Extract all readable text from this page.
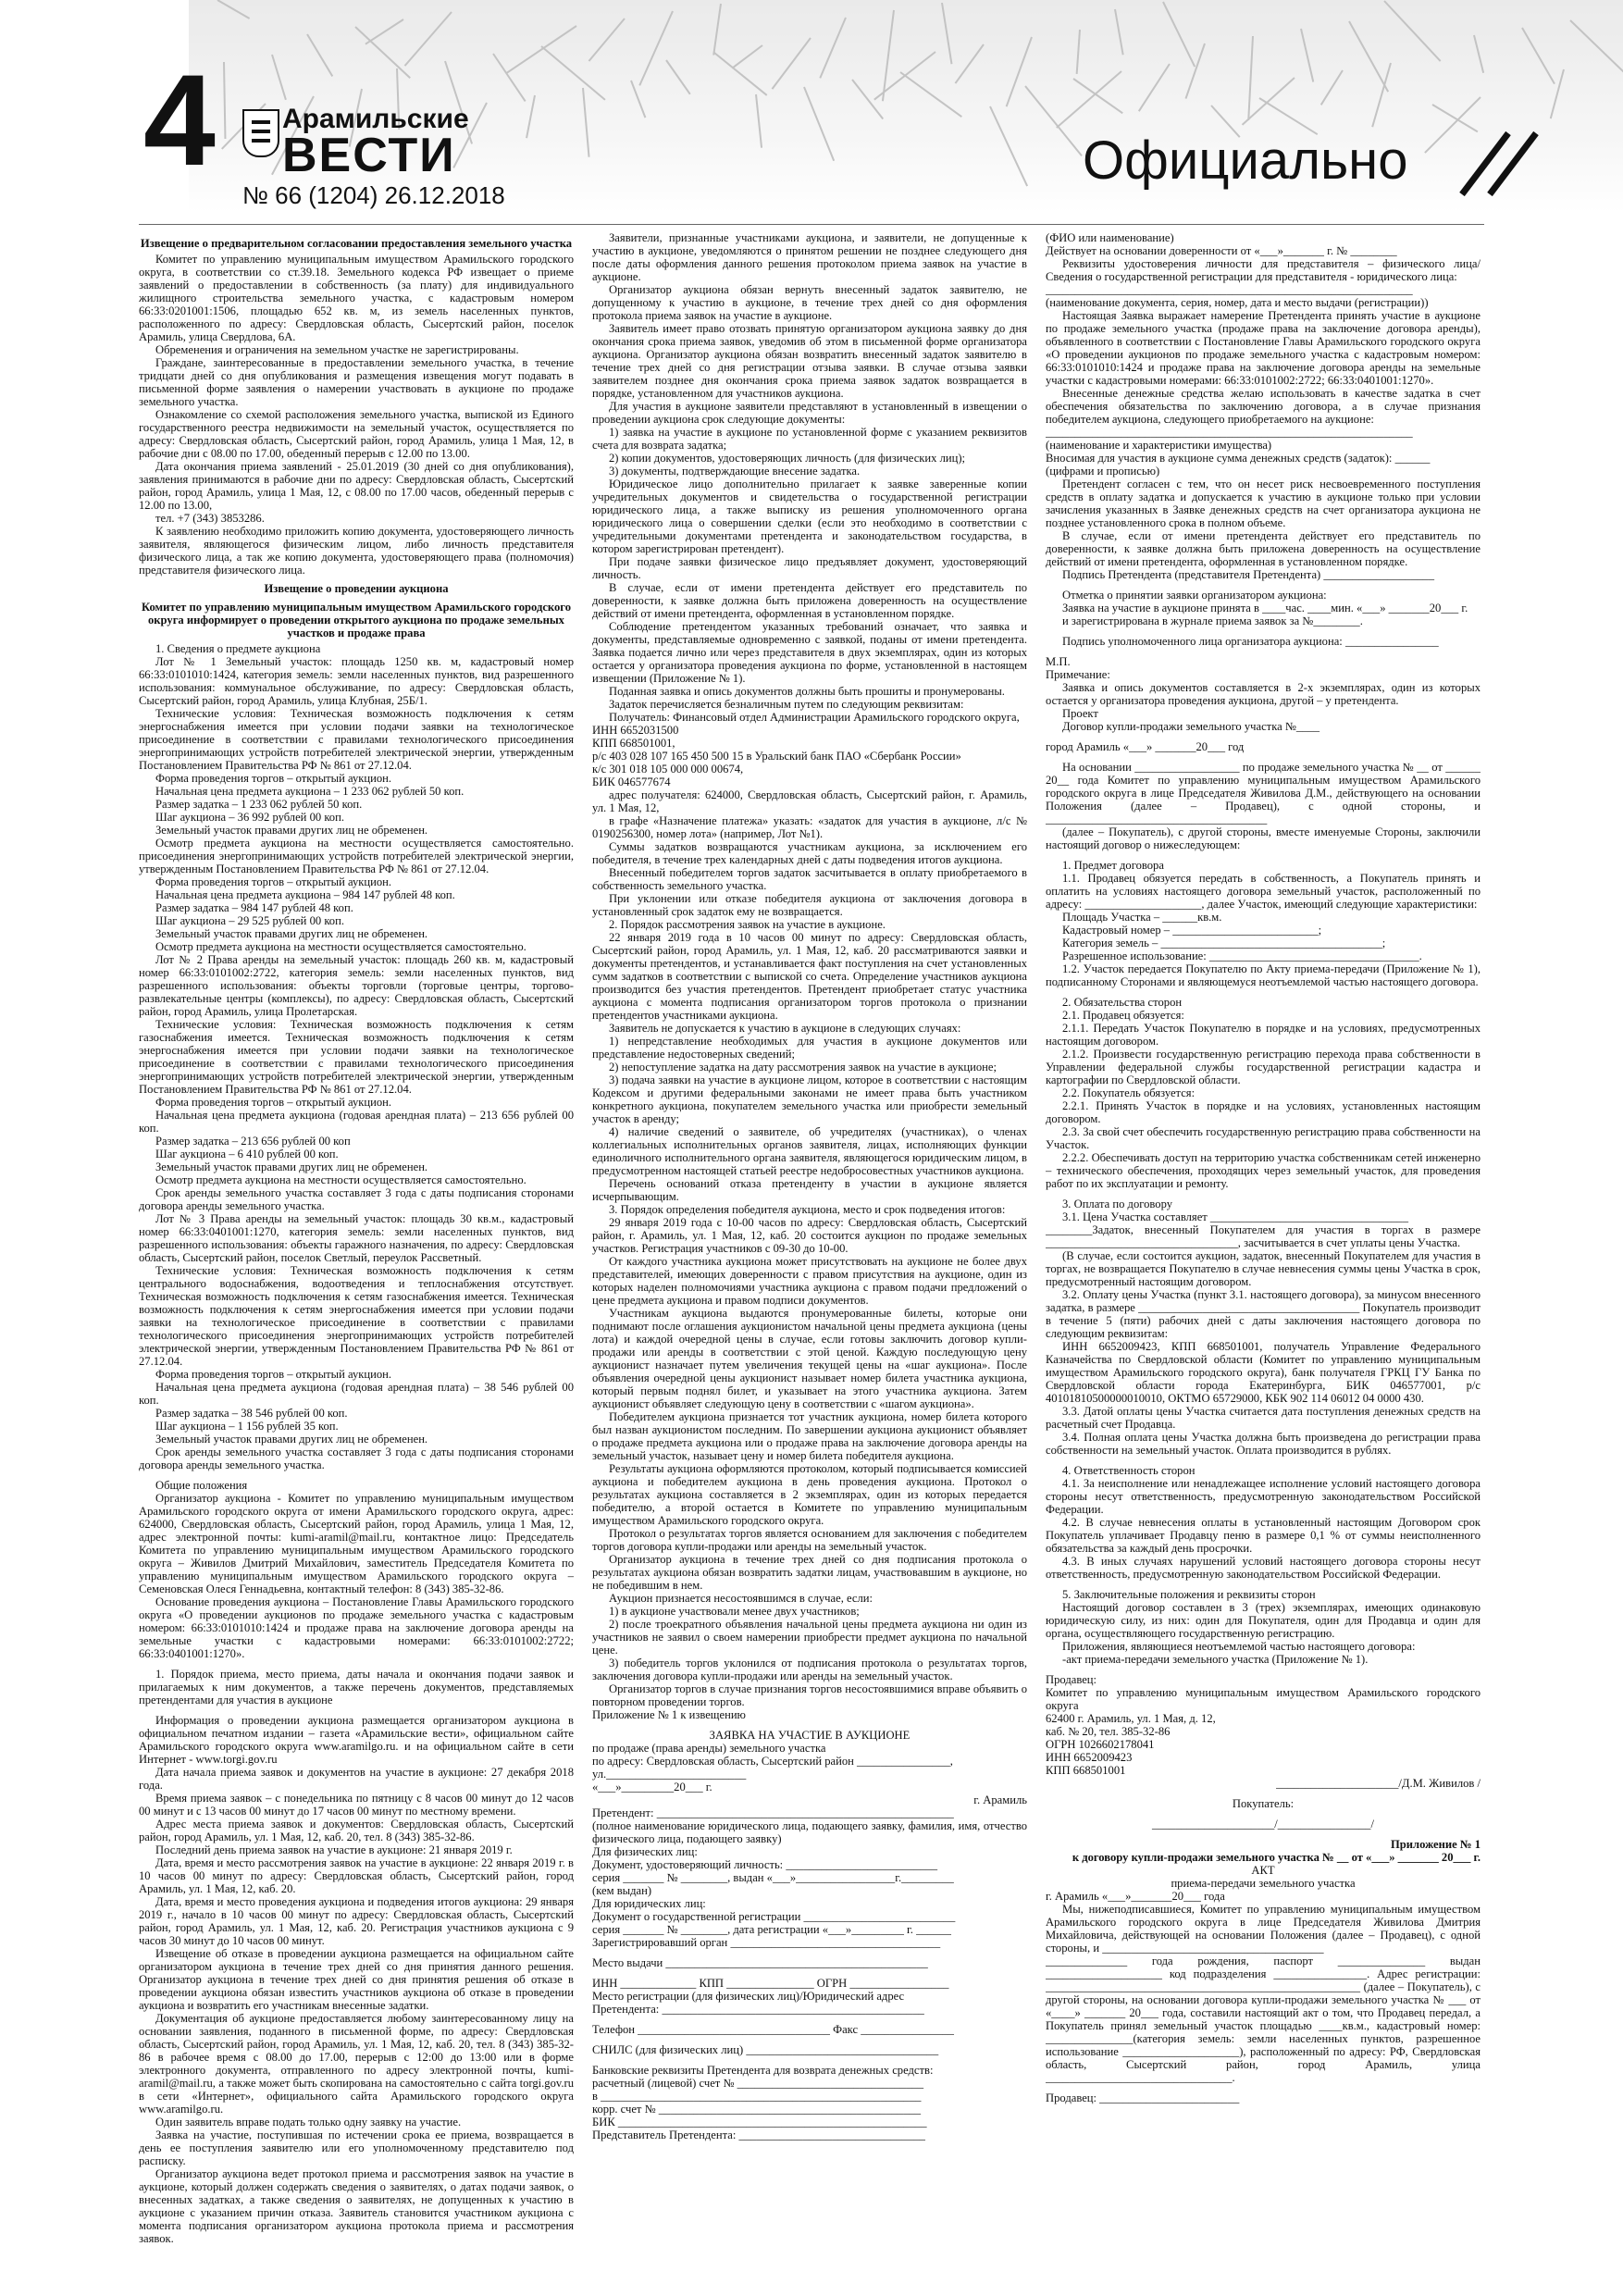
4 Арамильские
ВЕСТИ
№ 66 (1204) 26.12.2018
Официально
Извещение о предварительном согласовании предоставления земельного участка

Комитет по управлению муниципальным имуществом Арамильского городского округа, в соответствии со ст.39.18. Земельного кодекса РФ извещает о приеме заявлений о предоставлении в собственность (за плату) для индивидуального жилищного строительства земельного участка, с кадастровым номером 66:33:0201001:1506, площадью 652 кв. м, из земель населенных пунктов, расположенного по адресу: Свердловская область, Сысертский район, поселок Арамиль, улица Свердлова, 6А.

Обременения и ограничения на земельном участке не зарегистрированы.

Граждане, заинтересованные в предоставлении земельного участка, в течение тридцати дней со дня опубликования и размещения извещения могут подавать в письменной форме заявления о намерении участвовать в аукционе по продаже земельного участка.

Ознакомление со схемой расположения земельного участка, выпиской из Единого государственного реестра недвижимости на земельный участок, осуществляется по адресу: Свердловская область, Сысертский район, город Арамиль, улица 1 Мая, 12, в рабочие дни с 08.00 по 17.00, обеденный перерыв с 12.00 по 13.00.

Дата окончания приема заявлений - 25.01.2019 (30 дней со дня опубликования), заявления принимаются в рабочие дни по адресу: Свердловская область, Сысертский район, город Арамиль, улица 1 Мая, 12, с 08.00 по 17.00 часов, обеденный перерыв с 12.00 по 13.00,

тел. +7 (343) 3853286.

К заявлению необходимо приложить копию документа, удостоверяющего личность заявителя, являющегося физическим лицом, либо личность представителя физического лица, а так же копию документа, удостоверяющего права (полномочия) представителя физического лица.

Извещение о проведении аукциона
Комитет по управлению муниципальным имуществом Арамильского городского округа информирует о проведении открытого аукциона по продаже земельных участков и продаже права

1. Сведения о предмете аукциона

Лот № 1 Земельный участок: площадь 1250 кв. м, кадастровый номер 66:33:0101010:1424, категория земель: земли населенных пунктов, вид разрешенного использования: коммунальное обслуживание, по адресу: Свердловская область, Сысертский район, город Арамиль, улица Клубная, 25Б/1.

Технические условия: Техническая возможность подключения к сетям энергоснабжения имеется при условии подачи заявки на технологическое присоединение в соответствии с правилами технологического присоединения энергопринимающих устройств потребителей электрической энергии, утвержденным Постановлением Правительства РФ № 861 от 27.12.04.

Форма проведения торгов – открытый аукцион.

Начальная цена предмета аукциона – 1 233 062 рублей 50 коп.

Размер задатка – 1 233 062 рублей 50 коп.

Шаг аукциона – 36 992 рублей 00 коп.

Земельный участок правами других лиц не обременен.

Осмотр предмета аукциона на местности осуществляется самостоятельно. присоединения энергопринимающих устройств потребителей электрической энергии, утвержденным Постановлением Правительства РФ № 861 от 27.12.04.

Форма проведения торгов – открытый аукцион.

Начальная цена предмета аукциона – 984 147 рублей 48 коп.

Размер задатка – 984 147 рублей 48 коп.

Шаг аукциона – 29 525 рублей 00 коп.

Земельный участок правами других лиц не обременен.

Осмотр предмета аукциона на местности осуществляется самостоятельно.

Лот № 2 Права аренды на земельный участок: площадь 260 кв. м, кадастровый номер 66:33:0101002:2722, категория земель: земли населенных пунктов, вид разрешенного использования: объекты торговли (торговые центры, торгово-развлекательные центры (комплексы), по адресу: Свердловская область, Сысертский район, город Арамиль, улица Пролетарская.

Технические условия: Техническая возможность подключения к сетям газоснабжения имеется. Техническая возможность подключения к сетям энергоснабжения имеется при условии подачи заявки на технологическое присоединение в соответствии с правилами технологического присоединения энергопринимающих устройств потребителей электрической энергии, утвержденным Постановлением Правительства РФ № 861 от 27.12.04.

Форма проведения торгов – открытый аукцион.

Начальная цена предмета аукциона (годовая арендная плата) – 213 656 рублей 00 коп.

Размер задатка – 213 656 рублей 00 коп

Шаг аукциона – 6 410 рублей 00 коп.

Земельный участок правами других лиц не обременен.

Осмотр предмета аукциона на местности осуществляется самостоятельно.

Срок аренды земельного участка составляет 3 года с даты подписания сторонами договора аренды земельного участка.

Лот № 3 Права аренды на земельный участок: площадь 30 кв.м., кадастровый номер 66:33:0401001:1270, категория земель: земли населенных пунктов, вид разрешенного использования: объекты гаражного назначения, по адресу: Свердловская область, Сысертский район, поселок Светлый, переулок Рассветный.

Технические условия: Техническая возможность подключения к сетям центрального водоснабжения, водоотведения и теплоснабжения отсутствует. Техническая возможность подключения к сетям газоснабжения имеется. Техническая возможность подключения к сетям энергоснабжения имеется при условии подачи заявки на технологическое присоединение в соответствии с правилами технологического присоединения энергопринимающих устройств потребителей электрической энергии, утвержденным Постановлением Правительства РФ № 861 от 27.12.04.

Форма проведения торгов – открытый аукцион.

Начальная цена предмета аукциона (годовая арендная плата) – 38 546 рублей 00 коп.

Размер задатка – 38 546 рублей 00 коп.

Шаг аукциона – 1 156 рублей 35 коп.

Земельный участок правами других лиц не обременен.

Срок аренды земельного участка составляет 3 года с даты подписания сторонами договора аренды земельного участка.

Общие положения

Организатор аукциона - Комитет по управлению муниципальным имуществом Арамильского городского округа от имени Арамильского городского округа, адрес: 624000, Свердловская область, Сысертский район, город Арамиль, улица 1 Мая, 12, адрес электронной почты: kumi-aramil@mail.ru, контактное лицо: Председатель Комитета по управлению муниципальным имуществом Арамильского городского округа – Живилов Дмитрий Михайлович, заместитель Председателя Комитета по управлению муниципальным имуществом Арамильского городского округа – Семеновская Олеся Геннадьевна, контактный телефон: 8 (343) 385-32-86.

Основание проведения аукциона – Постановление Главы Арамильского городского округа «О проведении аукционов по продаже земельного участка с кадастровым номером: 66:33:0101010:1424 и продаже права на заключение договора аренды на земельные участки с кадастровыми номерами: 66:33:0101002:2722; 66:33:0401001:1270».

1. Порядок приема, место приема, даты начала и окончания подачи заявок и прилагаемых к ним документов, а также перечень документов, представляемых претендентами для участия в аукционе

Информация о проведении аукциона размещается организатором аукциона в официальном печатном издании – газета «Арамильские вести», официальном сайте Арамильского городского округа www.aramilgo.ru. и на официальном сайте в сети Интернет - www.torgi.gov.ru

Дата начала приема заявок и документов на участие в аукционе: 27 декабря 2018 года.

Время приема заявок – с понедельника по пятницу с 8 часов 00 минут до 12 часов 00 минут и с 13 часов 00 минут до 17 часов 00 минут по местному времени.

Адрес места приема заявок и документов: Свердловская область, Сысертский район, город Арамиль, ул. 1 Мая, 12, каб. 20, тел. 8 (343) 385-32-86.

Последний день приема заявок на участие в аукционе: 21 января 2019 г.

Дата, время и место рассмотрения заявок на участие в аукционе: 22 января 2019 г. в 10 часов 00 минут по адресу: Свердловская область, Сысертский район, город Арамиль, ул. 1 Мая, 12, каб. 20.

Дата, время и место проведения аукциона и подведения итогов аукциона: 29 января 2019 г., начало в 10 часов 00 минут по адресу: Свердловская область, Сысертский район, город Арамиль, ул. 1 Мая, 12, каб. 20. Регистрация участников аукциона с 9 часов 30 минут до 10 часов 00 минут.

Извещение об отказе в проведении аукциона размещается на официальном сайте организатором аукциона в течение трех дней со дня принятия данного решения. Организатор аукциона в течение трех дней со дня принятия решения об отказе в проведении аукциона обязан известить участников аукциона об отказе в проведении аукциона и возвратить его участникам внесенные задатки.

Документация об аукционе предоставляется любому заинтересованному лицу на основании заявления, поданного в письменной форме, по адресу: Свердловская область, Сысертский район, город Арамиль, ул. 1 Мая, 12, каб. 20, тел. 8 (343) 385-32-86 в рабочее время с 08.00 до 17.00, перерыв с 12:00 до 13:00 или в форме электронного документа, отправленного по адресу электронной почты, kumi-aramil@mail.ru, а также может быть скопирована на самостоятельно с сайта torgi.gov.ru в сети «Интернет», официального сайта Арамильского городского округа www.aramilgo.ru.

Один заявитель вправе подать только одну заявку на участие.

Заявка на участие, поступившая по истечении срока ее приема, возвращается в день ее поступления заявителю или его уполномоченному представителю под расписку.

Организатор аукциона ведет протокол приема и рассмотрения заявок на участие в аукционе, который должен содержать сведения о заявителях, о датах подачи заявок, о внесенных задатках, а также сведения о заявителях, не допущенных к участию в аукционе с указанием причин отказа. Заявитель становится участником аукциона с момента подписания организатором аукциона протокола приема и рассмотрения заявок.

Заявители, признанные участниками аукциона, и заявители, не допущенные к участию в аукционе, уведомляются о принятом решении не позднее следующего дня после даты оформления данного решения протоколом приема заявок на участие в аукционе.

Организатор аукциона обязан вернуть внесенный задаток заявителю, не допущенному к участию в аукционе, в течение трех дней со дня оформления протокола приема заявок на участие в аукционе.

Заявитель имеет право отозвать принятую организатором аукциона заявку до дня окончания срока приема заявок, уведомив об этом в письменной форме организатора аукциона. Организатор аукциона обязан возвратить внесенный задаток заявителю в течение трех дней со дня регистрации отзыва заявки. В случае отзыва заявки заявителем позднее дня окончания срока приема заявок задаток возвращается в порядке, установленном для участников аукциона.

Для участия в аукционе заявители представляют в установленный в извещении о проведении аукциона срок следующие документы:

1) заявка на участие в аукционе по установленной форме с указанием реквизитов счета для возврата задатка;

2) копии документов, удостоверяющих личность (для физических лиц);

3) документы, подтверждающие внесение задатка.

Юридическое лицо дополнительно прилагает к заявке заверенные копии учредительных документов и свидетельства о государственной регистрации юридического лица, а также выписку из решения уполномоченного органа юридического лица о совершении сделки (если это необходимо в соответствии с учредительными документами претендента и законодательством государства, в котором зарегистрирован претендент).

При подаче заявки физическое лицо предъявляет документ, удостоверяющий личность.

В случае, если от имени претендента действует его представитель по доверенности, к заявке должна быть приложена доверенность на осуществление действий от имени претендента, оформленная в установленном порядке.

Соблюдение претендентом указанных требований означает, что заявка и документы, представляемые одновременно с заявкой, поданы от имени претендента. Заявка подается лично или через представителя в двух экземплярах, один из которых остается у организатора проведения аукциона по форме, установленной в настоящем извещении (Приложение № 1).

Поданная заявка и опись документов должны быть прошиты и пронумерованы.

Задаток перечисляется безналичным путем по следующим реквизитам:

Получатель: Финансовый отдел Администрации Арамильского городского округа,

ИНН 6652031500

КПП 668501001,

р/с 403 028 107 165 450 500 15 в Уральский банк ПАО «Сбербанк России»

к/с 301 018 105 000 000 00674,

БИК 046577674

адрес получателя: 624000, Свердловская область, Сысертский район, г. Арамиль, ул. 1 Мая, 12,

в графе «Назначение платежа» указать: «задаток для участия в аукционе, л/с № 0190256300, номер лота» (например, Лот №1).

Суммы задатков возвращаются участникам аукциона, за исключением его победителя, в течение трех календарных дней с даты подведения итогов аукциона.

Внесенный победителем торгов задаток засчитывается в оплату приобретаемого в собственность земельного участка.

При уклонении или отказе победителя аукциона от заключения договора в установленный срок задаток ему не возвращается.

2. Порядок рассмотрения заявок на участие в аукционе.

22 января 2019 года в 10 часов 00 минут по адресу: Свердловская область, Сысертский район, город Арамиль, ул. 1 Мая, 12, каб. 20 рассматриваются заявки и документы претендентов, и устанавливается факт поступления на счет установленных сумм задатков в соответствии с выпиской со счета. Определение участников аукциона производится без участия претендентов. Претендент приобретает статус участника аукциона с момента подписания организатором торгов протокола о признании претендентов участниками аукциона.

Заявитель не допускается к участию в аукционе в следующих случаях:

1) непредставление необходимых для участия в аукционе документов или представление недостоверных сведений;

2) непоступление задатка на дату рассмотрения заявок на участие в аукционе;

3) подача заявки на участие в аукционе лицом, которое в соответствии с настоящим Кодексом и другими федеральными законами не имеет права быть участником конкретного аукциона, покупателем земельного участка или приобрести земельный участок в аренду;

4) наличие сведений о заявителе, об учредителях (участниках), о членах коллегиальных исполнительных органов заявителя, лицах, исполняющих функции единоличного исполнительного органа заявителя, являющегося юридическим лицом, в предусмотренном настоящей статьей реестре недобросовестных участников аукциона.

Перечень оснований отказа претенденту в участии в аукционе является исчерпывающим.

3. Порядок определения победителя аукциона, место и срок подведения итогов:

29 января 2019 года с 10-00 часов по адресу: Свердловская область, Сысертский район, г. Арамиль, ул. 1 Мая, 12, каб. 20 состоится аукцион по продаже земельных участков. Регистрация участников с 09-30 до 10-00.

От каждого участника аукциона может присутствовать на аукционе не более двух представителей, имеющих доверенности с правом присутствия на аукционе, один из которых наделен полномочиями участника аукциона с правом подачи предложений о цене предмета аукциона и правом подписи документов.

Участникам аукциона выдаются пронумерованные билеты, которые они поднимают после оглашения аукционистом начальной цены предмета аукциона (цены лота) и каждой очередной цены в случае, если готовы заключить договор купли-продажи или аренды в соответствии с этой ценой. Каждую последующую цену аукционист назначает путем увеличения текущей цены на «шаг аукциона». После объявления очередной цены аукционист называет номер билета участника аукциона, который первым поднял билет, и указывает на этого участника аукциона. Затем аукционист объявляет следующую цену в соответствии с «шагом аукциона».

Победителем аукциона признается тот участник аукциона, номер билета которого был назван аукционистом последним. По завершении аукциона аукционист объявляет о продаже предмета аукциона или о продаже права на заключение договора аренды на земельный участок, называет цену и номер билета победителя аукциона.

Результаты аукциона оформляются протоколом, который подписывается комиссией аукциона и победителем аукциона в день проведения аукциона. Протокол о результатах аукциона составляется в 2 экземплярах, один из которых передается победителю, а второй остается в Комитете по управлению муниципальным имуществом Арамильского городского округа.

Протокол о результатах торгов является основанием для заключения с победителем торгов договора купли-продажи или аренды на земельный участок.

Организатор аукциона в течение трех дней со дня подписания протокола о результатах аукциона обязан возвратить задатки лицам, участвовавшим в аукционе, но не победившим в нем.

Аукцион признается несостоявшимся в случае, если:

1) в аукционе участвовали менее двух участников;

2) после троекратного объявления начальной цены предмета аукциона ни один из участников не заявил о своем намерении приобрести предмет аукциона по начальной цене.

3) победитель торгов уклонился от подписания протокола о результатах торгов, заключения договора купли-продажи или аренды на земельный участок.

Организатор торгов в случае признания торгов несостоявшимися вправе объявить о повторном проведении торгов.

Приложение № 1 к извещению

ЗАЯВКА НА УЧАСТИЕ В АУКЦИОНЕ

по продаже (права аренды) земельного участка

по адресу: Свердловская область, Сысертский район ________________,

ул.________________________

«___»_________20___ г.

г. Арамиль

Претендент: ___________________________________________________

(полное наименование юридического лица, подающего заявку, фамилия, имя, отчество физического лица, подающего заявку)

Для физических лиц:

Документ, удостоверяющий личность: __________________________

серия _______ № ________, выдан «___»_________________г._________

(кем выдан)

Для юридических лиц:

Документ о государственной регистрации __________________________

серия _______ № ________, дата регистрации «___»_________ г. ______

Зарегистрировавший орган ____________________________________

Место выдачи _____________________________________________

ИНН _____________ КПП _______________ ОГРН _________________

Место регистрации (для физических лиц)/Юридический адрес

Претендента: _____________________________________________

Телефон _________________________________ Факс ________________

СНИЛС (для физических лиц) _________________________________

Банковские реквизиты Претендента для возврата денежных средств:

расчетный (лицевой) счет № ________________________________

в _______________________________________________________

корр. счет № _____________________________________________

БИК _____________________________________________________

Представитель Претендента: ________________________________

(ФИО или наименование)

Действует на основании доверенности от «___»_______ г. № ________

Реквизиты удостоверения личности для представителя – физического лица/ Сведения о государственной регистрации для представителя - юридического лица:

_______________________________________________________________

(наименование документа, серия, номер, дата и место выдачи (регистрации))

Настоящая Заявка выражает намерение Претендента принять участие в аукционе по продаже земельного участка (продаже права на заключение договора аренды), объявленного в соответствии с Постановление Главы Арамильского городского округа «О проведении аукционов по продаже земельного участка с кадастровым номером: 66:33:0101010:1424 и продаже права на заключение договора аренды на земельные участки с кадастровыми номерами: 66:33:0101002:2722; 66:33:0401001:1270».

Внесенные денежные средства желаю использовать в качестве задатка в счет обеспечения обязательства по заключению договора, а в случае признания победителем аукциона, следующего приобретаемого на аукционе:

_______________________________________________________________

(наименование и характеристики имущества)

Вносимая для участия в аукционе сумма денежных средств (задаток): ______

(цифрами и прописью)

Претендент согласен с тем, что он несет риск несвоевременного поступления средств в оплату задатка и допускается к участию в аукционе только при условии зачисления указанных в Заявке денежных средств на счет организатора аукциона не позднее установленного срока в полном объеме.

В случае, если от имени претендента действует его представитель по доверенности, к заявке должна быть приложена доверенность на осуществление действий от имени претендента, оформленная в установленном порядке.

Подпись Претендента (представителя Претендента) ___________________

Отметка о принятии заявки организатором аукциона:

Заявка на участие в аукционе принята в ____час. ____мин. «___» _______20___ г.

и зарегистрирована в журнале приема заявок за №________.

Подпись уполномоченного лица организатора аукциона: ________________

М.П.

Примечание:

Заявка и опись документов составляется в 2-х экземплярах, один из которых остается у организатора проведения аукциона, другой – у претендента.

Проект

Договор купли-продажи земельного участка №____

город Арамиль «___» _______20___ год

На основании __________________ по продаже земельного участка № __ от ______ 20__ года Комитет по управлению муниципальным имуществом Арамильского городского округа в лице Председателя Живилова Д.М., действующего на основании Положения (далее – Продавец), с одной стороны, и ______________________________________

(далее – Покупатель), с другой стороны, вместе именуемые Стороны, заключили настоящий договор о нижеследующем:

1. Предмет договора

1.1. Продавец обязуется передать в собственность, а Покупатель принять и оплатить на условиях настоящего договора земельный участок, расположенный по адресу: ____________________, далее Участок, имеющий следующие характеристики:

Площадь Участка – ______кв.м.

Кадастровый номер – _________________________;

Категория земель – ______________________________________;

Разрешенное использование: ____________________________________.

1.2. Участок передается Покупателю по Акту приема-передачи (Приложение № 1), подписанному Сторонами и являющемуся неотъемлемой частью настоящего договора.

2. Обязательства сторон

2.1. Продавец обязуется:

2.1.1. Передать Участок Покупателю в порядке и на условиях, предусмотренных настоящим договором.

2.1.2. Произвести государственную регистрацию перехода права собственности в Управлении федеральной службы государственной регистрации кадастра и картографии по Свердловской области.

2.2. Покупатель обязуется:

2.2.1. Принять Участок в порядке и на условиях, установленных настоящим договором.

2.3. За свой счет обеспечить государственную регистрацию права собственности на Участок.

2.2.2. Обеспечивать доступ на территорию участка собственникам сетей инженерно – технического обеспечения, проходящих через земельный участок, для проведения работ по их эксплуатации и ремонту.

3. Оплата по договору

3.1. Цена Участка составляет __________________________________

________Задаток, внесенный Покупателем для участия в торгах в размере _________________________________, засчитывается в счет уплаты цены Участка.

(В случае, если состоится аукцион, задаток, внесенный Покупателем для участия в торгах, не возвращается Покупателю в случае невнесения суммы цены Участка в срок, предусмотренный настоящим договором.

3.2. Оплату цены Участка (пункт 3.1. настоящего договора), за минусом внесенного задатка, в размере ______________________________________ Покупатель производит в течение 5 (пяти) рабочих дней с даты заключения настоящего договора по следующим реквизитам:

ИНН 6652009423, КПП 668501001, получатель Управление Федерального Казначейства по Свердловской области (Комитет по управлению муниципальным имуществом Арамильского городского округа), банк получателя ГРКЦ ГУ Банка по Свердловской области города Екатеринбурга, БИК 046577001, р/с 40101810500000010010, ОКТМО 65729000, КБК 902 114 06012 04 0000 430.

3.3. Датой оплаты цены Участка считается дата поступления денежных средств на расчетный счет Продавца.

3.4. Полная оплата цены Участка должна быть произведена до регистрации права собственности на земельный участок. Оплата производится в рублях.

4. Ответственность сторон

4.1. За неисполнение или ненадлежащее исполнение условий настоящего договора стороны несут ответственность, предусмотренную законодательством Российской Федерации.

4.2. В случае невнесения оплаты в установленный настоящим Договором срок Покупатель уплачивает Продавцу пеню в размере 0,1 % от суммы неисполненного обязательства за каждый день просрочки.

4.3. В иных случаях нарушений условий настоящего договора стороны несут ответственность, предусмотренную законодательством Российской Федерации.

5. Заключительные положения и реквизиты сторон

Настоящий договор составлен в 3 (трех) экземплярах, имеющих одинаковую юридическую силу, из них: один для Покупателя, один для Продавца и один для органа, осуществляющего государственную регистрацию.

Приложения, являющиеся неотъемлемой частью настоящего договора:

-акт приема-передачи земельного участка (Приложение № 1).

Продавец:

Комитет по управлению муниципальным имуществом Арамильского городского округа

62400 г. Арамиль, ул. 1 Мая, д. 12,

каб. № 20, тел. 385-32-86

ОГРН 1026602178041

ИНН 6652009423

КПП 668501001

_____________________/Д.М. Живилов /

Покупатель:

_____________________/________________/

Приложение № 1

к договору купли-продажи земельного участка № __ от «___» _______ 20___ г.

АКТ

приема-передачи земельного участка

г. Арамиль «___»_______20___ года

Мы, нижеподписавшиеся, Комитет по управлению муниципальным имуществом Арамильского городского округа в лице Председателя Живилова Дмитрия Михайловича, действующей на основании Положения (далее – Продавец), с одной стороны, и ______________________________________

______________ года рождения, паспорт _______________ выдан ____________________ код подразделения ________________. Адрес регистрации: ______________________________________________________ (далее – Покупатель), с другой стороны, на основании договора купли-продажи земельного участка № ___ от «____» _______ 20___ года, составили настоящий акт о том, что Продавец передал, а Покупатель принял земельный участок площадью ____кв.м., кадастровый номер: _______________(категория земель: земли населенных пунктов, разрешенное использование ____________________), расположенный по адресу: РФ, Свердловская область, Сысертский район, город Арамиль, улица ________________________________.

Продавец: ________________________
